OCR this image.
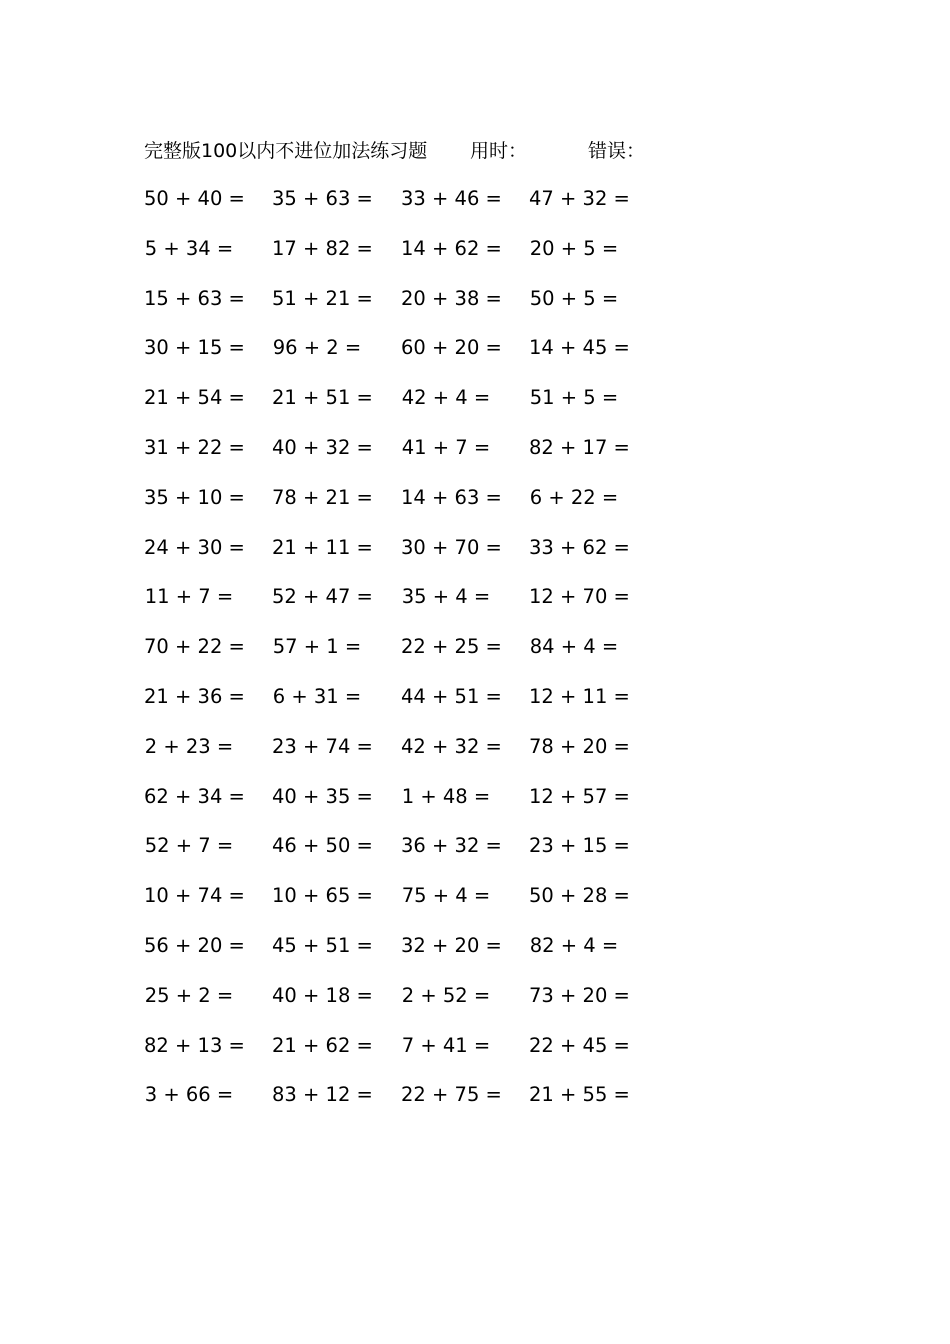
完整版100以内不进位加法练习题 用时：	错误：
50 + 40 = 35 + 63 = 33 + 46 = 47 + 32 =
5 + 34 = 17 + 82 = 14 + 62 = 20 + 5 =
15 + 63 = 51 + 21 = 20 + 38 = 50 + 5 =
30 + 15 = 96 + 2 = 60 + 20 = 14 + 45 =
21 + 54 = 21 + 51 = 42 + 4 = 51 + 5 =
31 + 22 = 40 + 32 = 41 + 7 = 82 + 17 =
35 + 10 = 78 + 21 = 14 + 63 = 6 + 22 =
24 + 30 = 21 + 11 = 30 + 70 = 33 + 62 =
11 + 7 = 52 + 47 = 35 + 4 = 12 + 70 =
70 + 22 = 57 + 1 = 22 + 25 = 84 + 4 =
21 + 36 = 6 + 31 = 44 + 51 = 12 + 11 =
2 + 23 = 23 + 74 = 42 + 32 = 78 + 20 =
62 + 34 = 40 + 35 = 1 + 48 = 12 + 57 =
52 + 7 = 46 + 50 = 36 + 32 = 23 + 15 =
10 + 74 = 10 + 65 = 75 + 4 = 50 + 28 =
56 + 20 = 45 + 51 = 32 + 20 = 82 + 4 =
25 + 2 = 40 + 18 = 2 + 52 = 73 + 20 =
82 + 13 = 21 + 62 = 7 + 41 = 22 + 45 =
3 + 66 = 83 + 12 = 22 + 75 = 21 + 55 =
